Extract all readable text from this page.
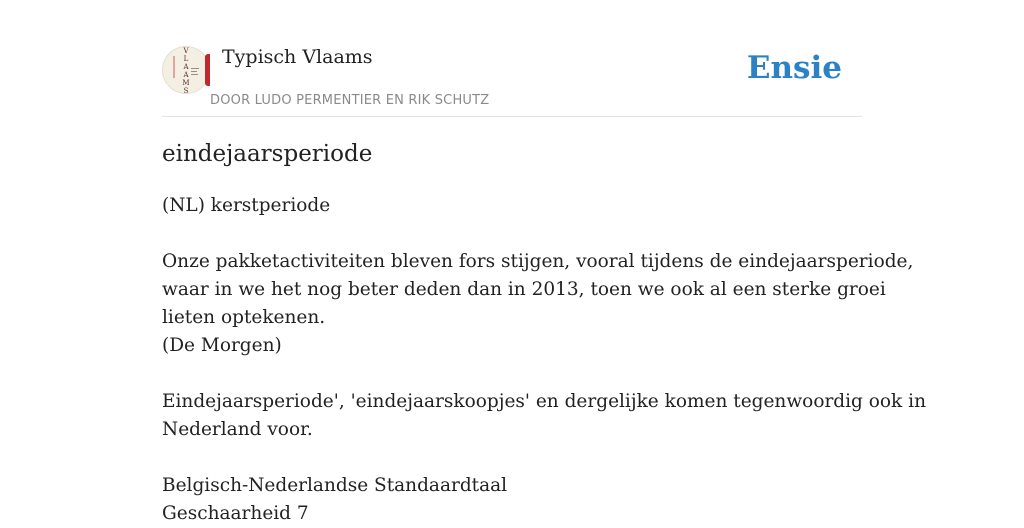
V
L
A
A
M
S
Typisch Vlaams
DOOR LUDO PERMENTIER EN RIK SCHUTZ
Ensie
eindejaarsperiode
(NL) kerstperiode
Onze pakketactiviteiten bleven fors stijgen, vooral tijdens de eindejaarsperiode,
waar in we het nog beter deden dan in 2013, toen we ook al een sterke groei
lieten optekenen.
(De Morgen)
Eindejaarsperiode', 'eindejaarskoopjes' en dergelijke komen tegenwoordig ook in
Nederland voor.
Belgisch-Nederlandse Standaardtaal
Geschaarheid 7
